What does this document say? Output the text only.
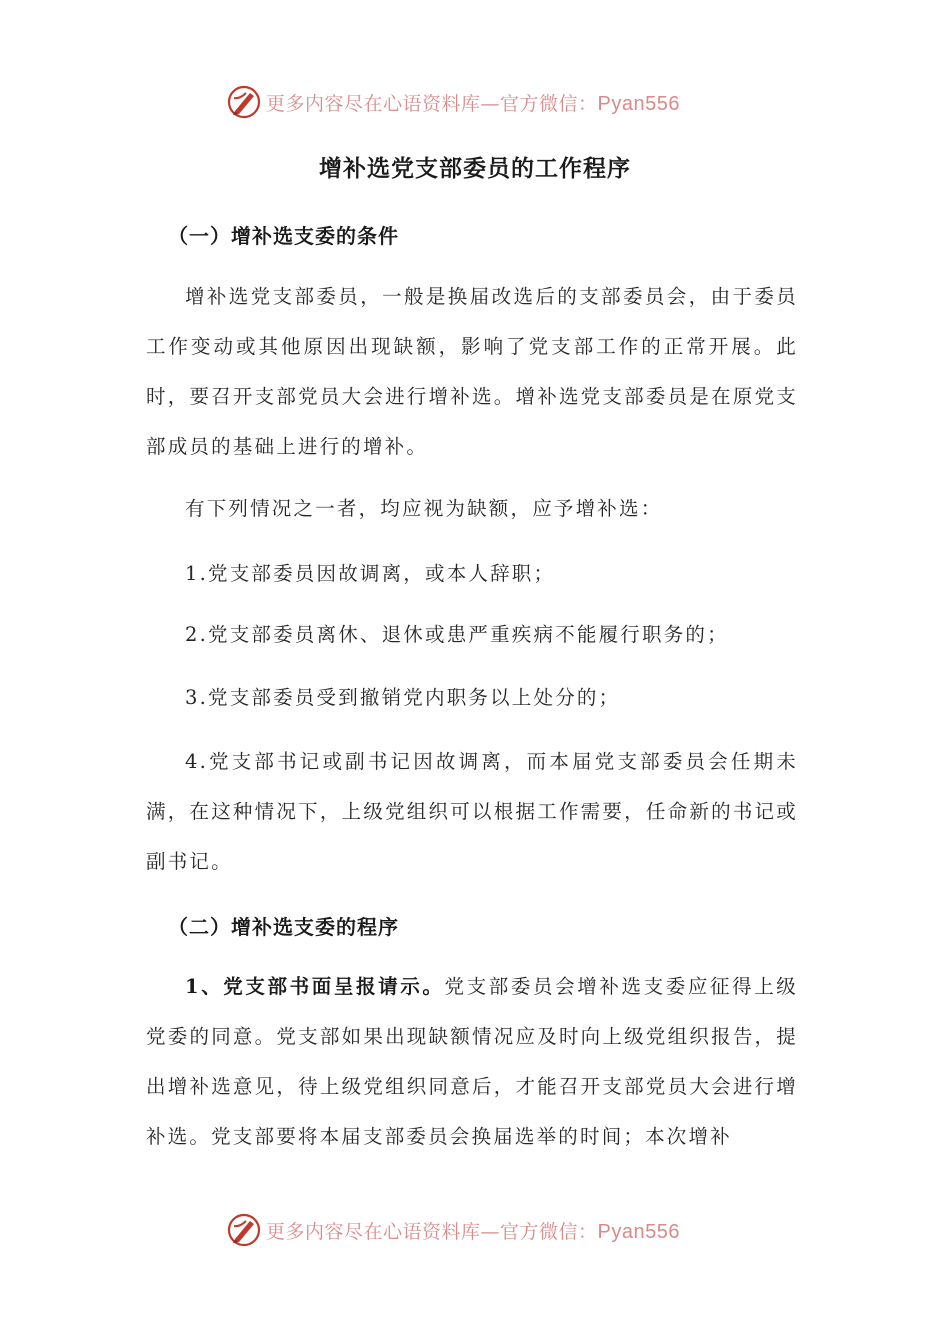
更多内容尽在心语资料库—官方微信：Pyan556
增补选党支部委员的工作程序
（一）增补选支委的条件

增补选党支部委员，一般是换届改选后的支部委员会，由于委员工作变动或其他原因出现缺额，影响了党支部工作的正常开展。此时，要召开支部党员大会进行增补选。增补选党支部委员是在原党支部成员的基础上进行的增补。

有下列情况之一者，均应视为缺额，应予增补选：

1.党支部委员因故调离，或本人辞职；

2.党支部委员离休、退休或患严重疾病不能履行职务的；

3.党支部委员受到撤销党内职务以上处分的；

4.党支部书记或副书记因故调离，而本届党支部委员会任期未满，在这种情况下，上级党组织可以根据工作需要，任命新的书记或副书记。

（二）增补选支委的程序

1、党支部书面呈报请示。党支部委员会增补选支委应征得上级党委的同意。党支部如果出现缺额情况应及时向上级党组织报告，提出增补选意见，待上级党组织同意后，才能召开支部党员大会进行增补选。党支部要将本届支部委员会换届选举的时间；本次增补

更多内容尽在心语资料库—官方微信：Pyan556
